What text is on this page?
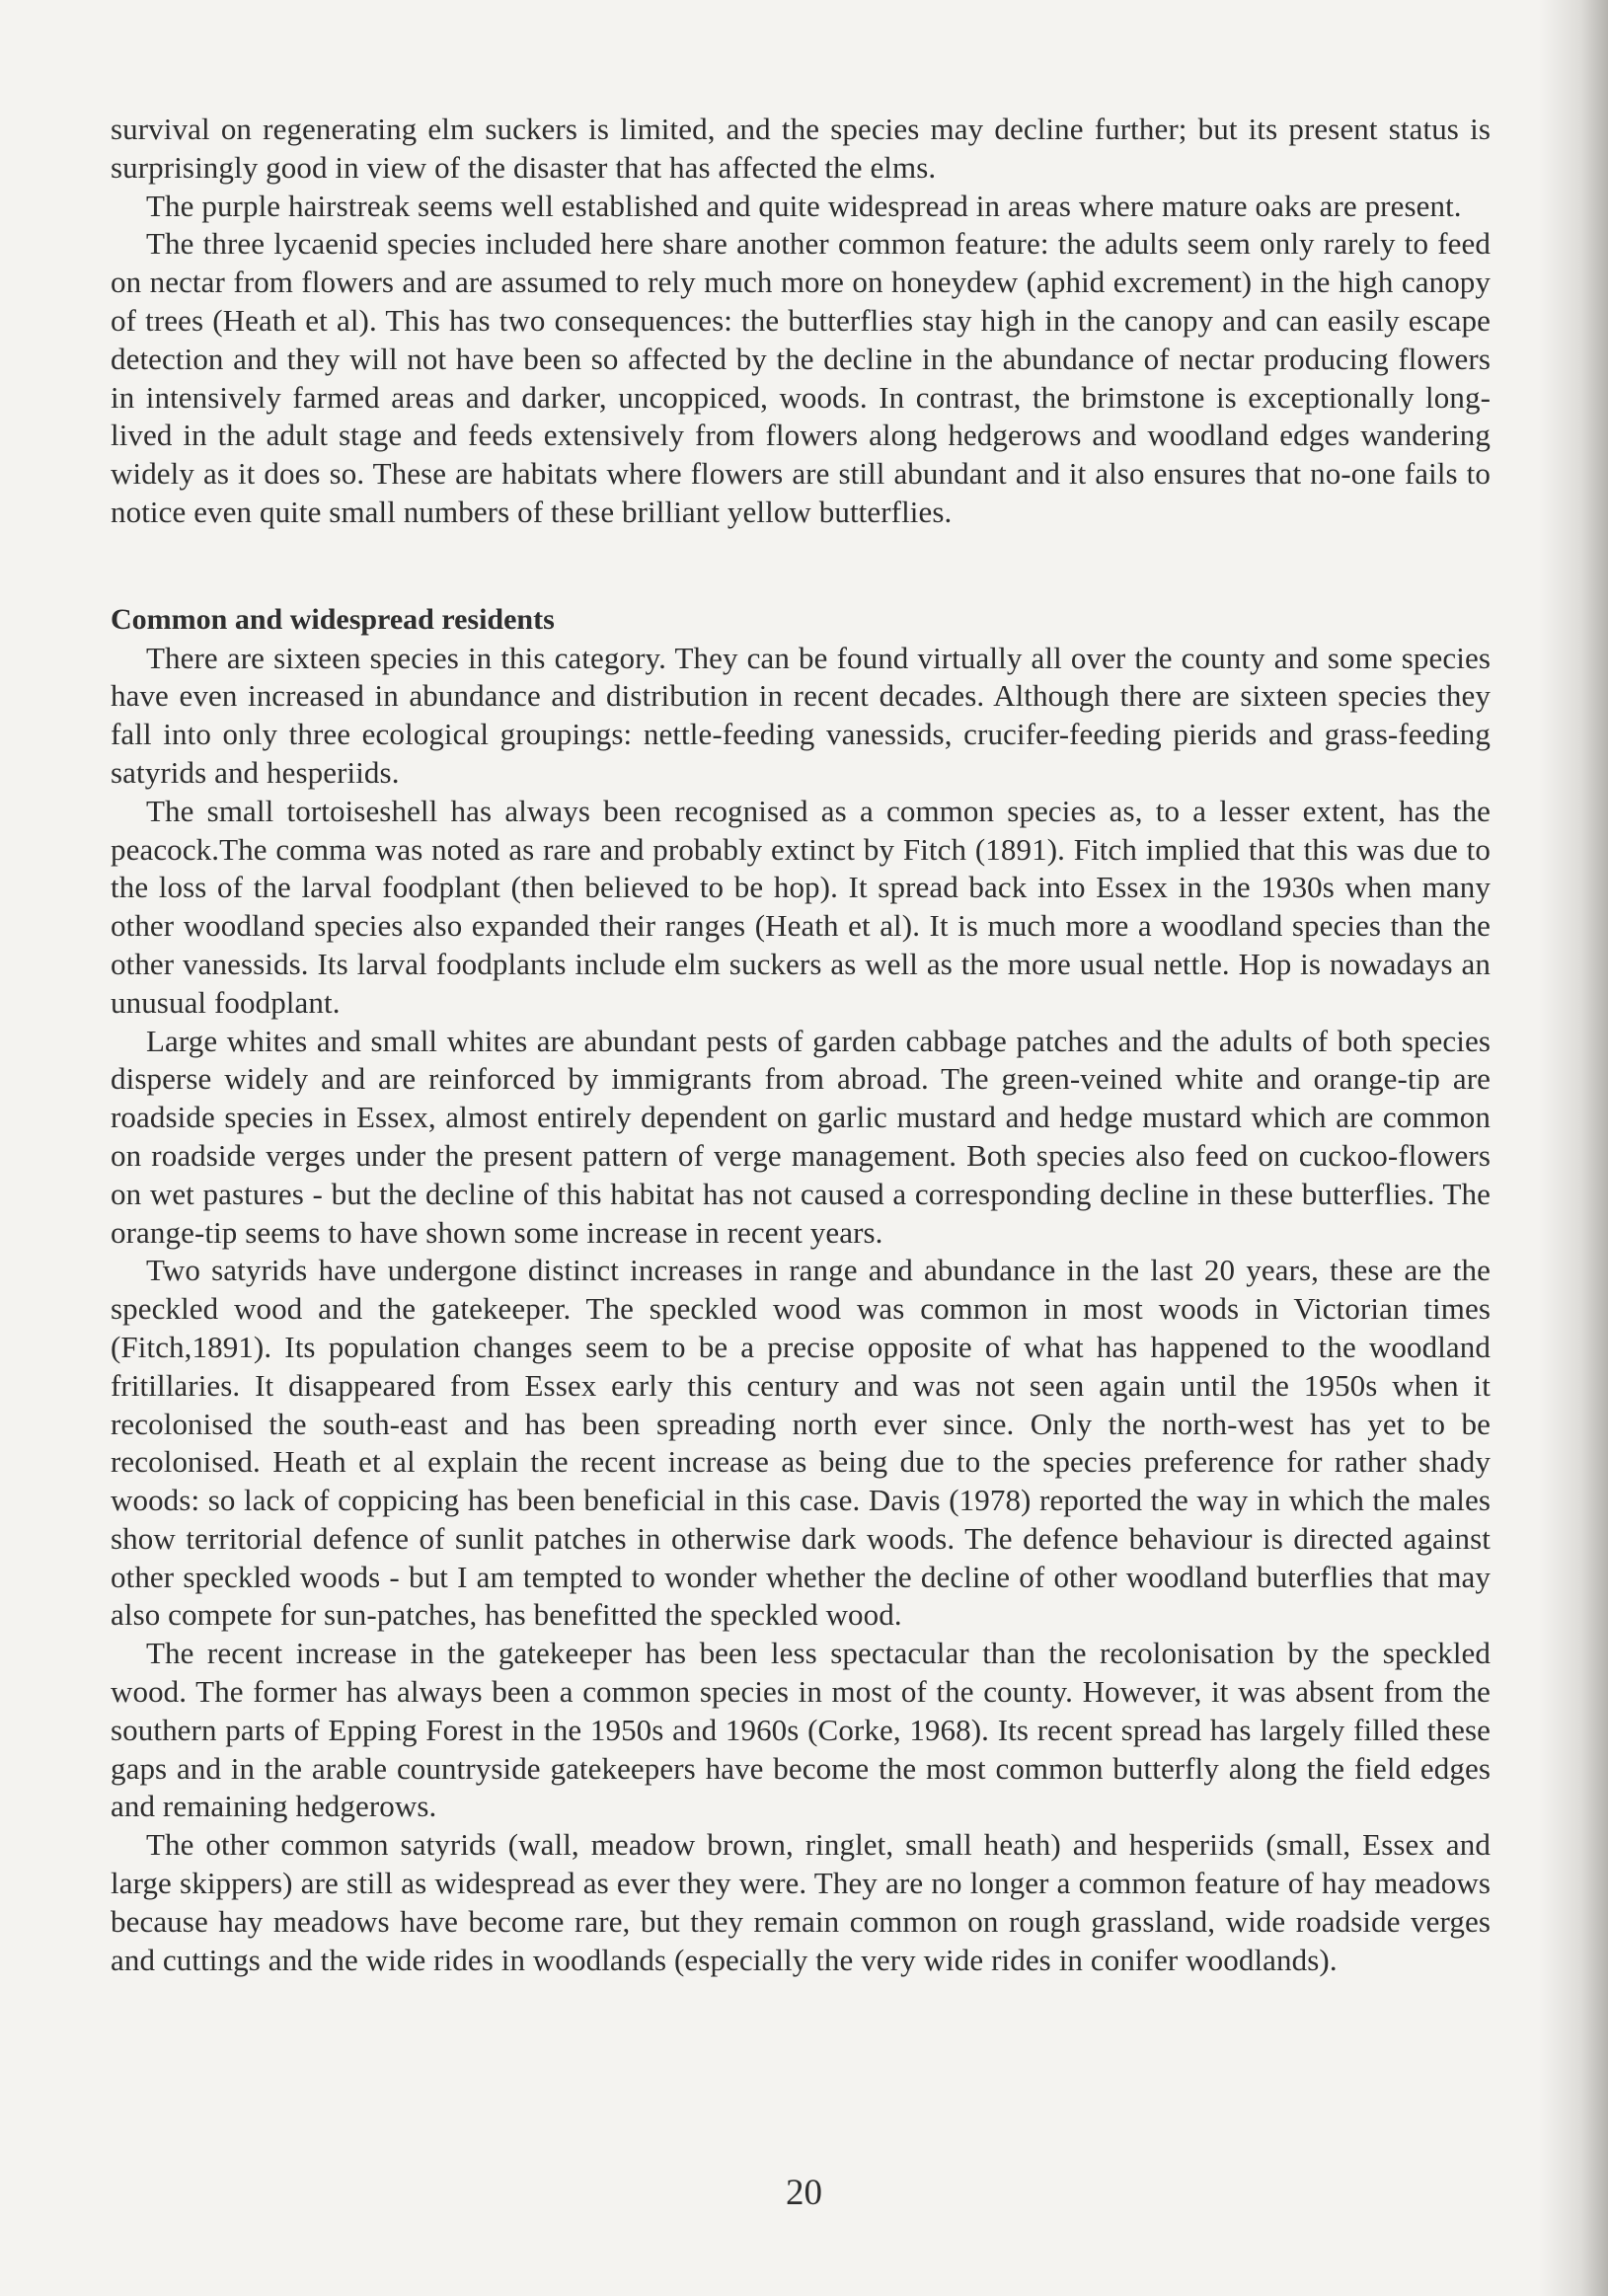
survival on regenerating elm suckers is limited, and the species may decline further; but its present status is surprisingly good in view of the disaster that has affected the elms.

The purple hairstreak seems well established and quite widespread in areas where mature oaks are present.

The three lycaenid species included here share another common feature: the adults seem only rarely to feed on nectar from flowers and are assumed to rely much more on honeydew (aphid excrement) in the high canopy of trees (Heath et al). This has two consequences: the butterflies stay high in the canopy and can easily escape detection and they will not have been so affected by the decline in the abundance of nectar producing flowers in intensively farmed areas and darker, uncoppiced, woods. In contrast, the brimstone is exceptionally long-lived in the adult stage and feeds extensively from flowers along hedgerows and woodland edges wandering widely as it does so. These are habitats where flowers are still abundant and it also ensures that no-one fails to notice even quite small numbers of these brilliant yellow butterflies.

Common and widespread residents

There are sixteen species in this category. They can be found virtually all over the county and some species have even increased in abundance and distribution in recent decades. Although there are sixteen species they fall into only three ecological groupings: nettle-feeding vanessids, crucifer-feeding pierids and grass-feeding satyrids and hesperiids.

The small tortoiseshell has always been recognised as a common species as, to a lesser extent, has the peacock.The comma was noted as rare and probably extinct by Fitch (1891). Fitch implied that this was due to the loss of the larval foodplant (then believed to be hop). It spread back into Essex in the 1930s when many other woodland species also expanded their ranges (Heath et al). It is much more a woodland species than the other vanessids. Its larval foodplants include elm suckers as well as the more usual nettle. Hop is nowadays an unusual foodplant.

Large whites and small whites are abundant pests of garden cabbage patches and the adults of both species disperse widely and are reinforced by immigrants from abroad. The green-veined white and orange-tip are roadside species in Essex, almost entirely dependent on garlic mustard and hedge mustard which are common on roadside verges under the present pattern of verge management. Both species also feed on cuckoo-flowers on wet pastures - but the decline of this habitat has not caused a corresponding decline in these butterflies. The orange-tip seems to have shown some increase in recent years.

Two satyrids have undergone distinct increases in range and abundance in the last 20 years, these are the speckled wood and the gatekeeper. The speckled wood was common in most woods in Victorian times (Fitch,1891). Its population changes seem to be a precise opposite of what has happened to the woodland fritillaries. It disappeared from Essex early this century and was not seen again until the 1950s when it recolonised the south-east and has been spreading north ever since. Only the north-west has yet to be recolonised. Heath et al explain the recent increase as being due to the species preference for rather shady woods: so lack of coppicing has been beneficial in this case. Davis (1978) reported the way in which the males show territorial defence of sunlit patches in otherwise dark woods. The defence behaviour is directed against other speckled woods - but I am tempted to wonder whether the decline of other woodland buterflies that may also compete for sun-patches, has benefitted the speckled wood.

The recent increase in the gatekeeper has been less spectacular than the recolonisation by the speckled wood. The former has always been a common species in most of the county. However, it was absent from the southern parts of Epping Forest in the 1950s and 1960s (Corke, 1968). Its recent spread has largely filled these gaps and in the arable countryside gatekeepers have become the most common butterfly along the field edges and remaining hedgerows.

The other common satyrids (wall, meadow brown, ringlet, small heath) and hesperiids (small, Essex and large skippers) are still as widespread as ever they were. They are no longer a common feature of hay meadows because hay meadows have become rare, but they remain common on rough grassland, wide roadside verges and cuttings and the wide rides in woodlands (especially the very wide rides in conifer woodlands).

20
